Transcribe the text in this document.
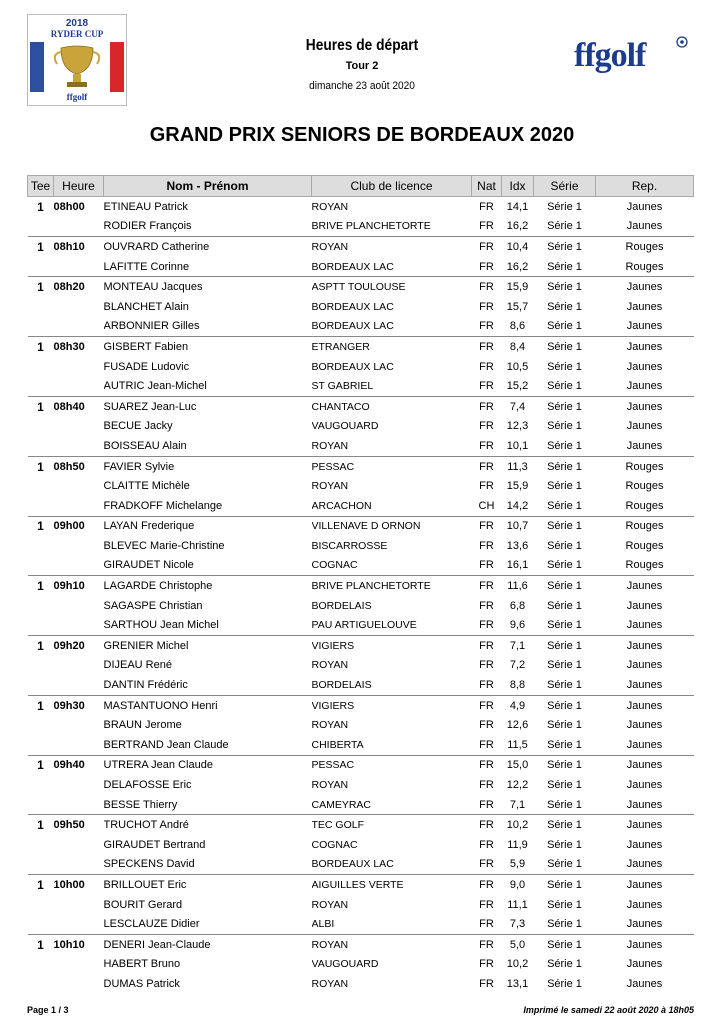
2018
RYDER CUP
ffgolf
ffgolf
Heures de départ
Tour 2
dimanche 23 août 2020
GRAND PRIX SENIORS DE BORDEAUX 2020
Tee	Heure	Nom - Prénom	Club de licence	Nat	Idx	Série	Rep.
1	08h00	ETINEAU Patrick	ROYAN	FR	14,1	Série 1	Jaunes
		RODIER François	BRIVE PLANCHETORTE	FR	16,2	Série 1	Jaunes
1	08h10	OUVRARD Catherine	ROYAN	FR	10,4	Série 1	Rouges
		LAFITTE Corinne	BORDEAUX LAC	FR	16,2	Série 1	Rouges
1	08h20	MONTEAU Jacques	ASPTT TOULOUSE	FR	15,9	Série 1	Jaunes
		BLANCHET Alain	BORDEAUX LAC	FR	15,7	Série 1	Jaunes
		ARBONNIER Gilles	BORDEAUX LAC	FR	8,6	Série 1	Jaunes
1	08h30	GISBERT Fabien	ETRANGER	FR	8,4	Série 1	Jaunes
		FUSADE Ludovic	BORDEAUX LAC	FR	10,5	Série 1	Jaunes
		AUTRIC Jean-Michel	ST GABRIEL	FR	15,2	Série 1	Jaunes
1	08h40	SUAREZ Jean-Luc	CHANTACO	FR	7,4	Série 1	Jaunes
		BECUE Jacky	VAUGOUARD	FR	12,3	Série 1	Jaunes
		BOISSEAU Alain	ROYAN	FR	10,1	Série 1	Jaunes
1	08h50	FAVIER Sylvie	PESSAC	FR	11,3	Série 1	Rouges
		CLAITTE Michèle	ROYAN	FR	15,9	Série 1	Rouges
		FRADKOFF Michelange	ARCACHON	CH	14,2	Série 1	Rouges
1	09h00	LAYAN Frederique	VILLENAVE D ORNON	FR	10,7	Série 1	Rouges
		BLEVEC Marie-Christine	BISCARROSSE	FR	13,6	Série 1	Rouges
		GIRAUDET Nicole	COGNAC	FR	16,1	Série 1	Rouges
1	09h10	LAGARDE Christophe	BRIVE PLANCHETORTE	FR	11,6	Série 1	Jaunes
		SAGASPE Christian	BORDELAIS	FR	6,8	Série 1	Jaunes
		SARTHOU Jean Michel	PAU ARTIGUELOUVE	FR	9,6	Série 1	Jaunes
1	09h20	GRENIER Michel	VIGIERS	FR	7,1	Série 1	Jaunes
		DIJEAU René	ROYAN	FR	7,2	Série 1	Jaunes
		DANTIN Frédéric	BORDELAIS	FR	8,8	Série 1	Jaunes
1	09h30	MASTANTUONO Henri	VIGIERS	FR	4,9	Série 1	Jaunes
		BRAUN Jerome	ROYAN	FR	12,6	Série 1	Jaunes
		BERTRAND Jean Claude	CHIBERTA	FR	11,5	Série 1	Jaunes
1	09h40	UTRERA Jean Claude	PESSAC	FR	15,0	Série 1	Jaunes
		DELAFOSSE Eric	ROYAN	FR	12,2	Série 1	Jaunes
		BESSE Thierry	CAMEYRAC	FR	7,1	Série 1	Jaunes
1	09h50	TRUCHOT André	TEC GOLF	FR	10,2	Série 1	Jaunes
		GIRAUDET Bertrand	COGNAC	FR	11,9	Série 1	Jaunes
		SPECKENS David	BORDEAUX LAC	FR	5,9	Série 1	Jaunes
1	10h00	BRILLOUET Eric	AIGUILLES VERTE	FR	9,0	Série 1	Jaunes
		BOURIT Gerard	ROYAN	FR	11,1	Série 1	Jaunes
		LESCLAUZE Didier	ALBI	FR	7,3	Série 1	Jaunes
1	10h10	DENERI Jean-Claude	ROYAN	FR	5,0	Série 1	Jaunes
		HABERT Bruno	VAUGOUARD	FR	10,2	Série 1	Jaunes
		DUMAS Patrick	ROYAN	FR	13,1	Série 1	Jaunes
Page 1 / 3	Imprimé le samedi 22 août 2020 à 18h05
